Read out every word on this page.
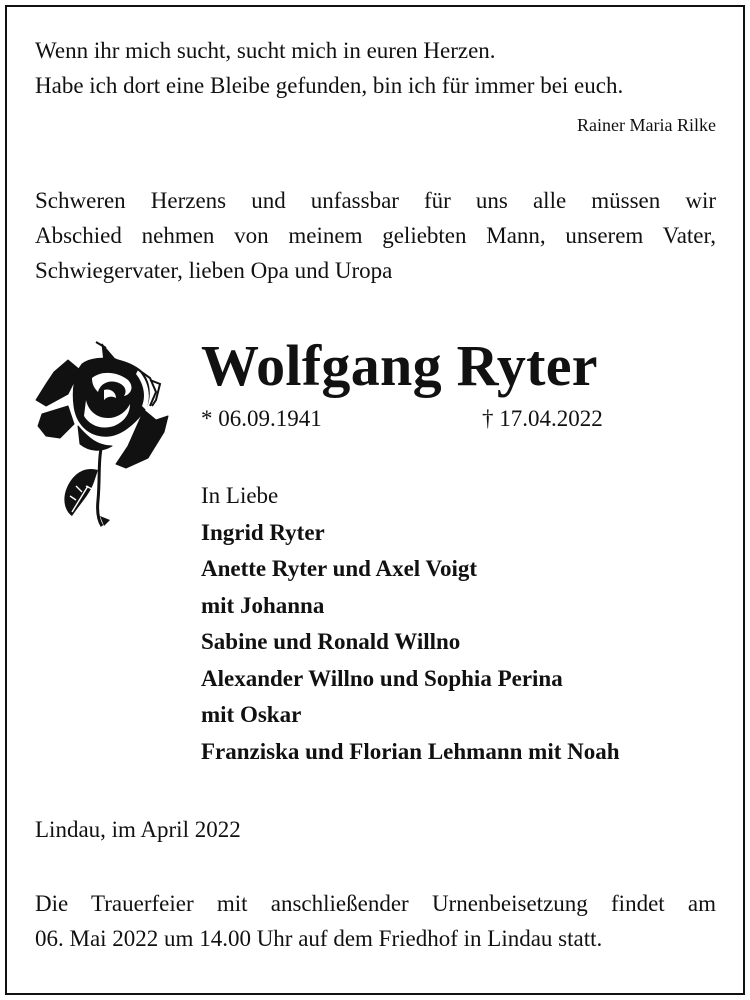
Wenn ihr mich sucht, sucht mich in euren Herzen.
Habe ich dort eine Bleibe gefunden, bin ich für immer bei euch.
Rainer Maria Rilke
Schweren Herzens und unfassbar für uns alle müssen wir
Abschied nehmen von meinem geliebten Mann, unserem Vater,
Schwiegervater, lieben Opa und Uropa
Wolfgang Ryter
* 06.09.1941	† 17.04.2022
In Liebe
Ingrid Ryter
Anette Ryter und Axel Voigt
mit Johanna
Sabine und Ronald Willno
Alexander Willno und Sophia Perina
mit Oskar
Franziska und Florian Lehmann mit Noah
Lindau, im April 2022
Die Trauerfeier mit anschließender Urnenbeisetzung findet am
06. Mai 2022 um 14.00 Uhr auf dem Friedhof in Lindau statt.
